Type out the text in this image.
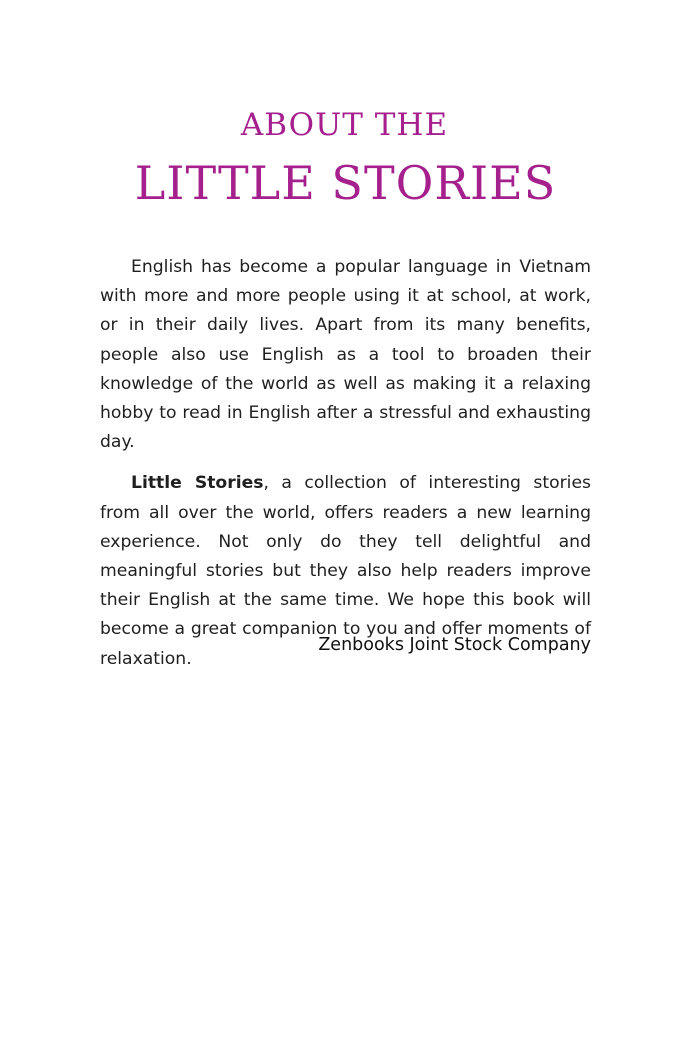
ABOUT THE
LITTLE STORIES

English has become a popular language in Vietnam with more and more people using it at school, at work, or in their daily lives. Apart from its many benefits, people also use English as a tool to broaden their knowledge of the world as well as making it a relaxing hobby to read in English after a stressful and exhausting day.

Little Stories, a collection of interesting stories from all over the world, offers readers a new learning experience. Not only do they tell delightful and meaningful stories but they also help readers improve their English at the same time. We hope this book will become a great companion to you and offer moments of relaxation.

Zenbooks Joint Stock Company
